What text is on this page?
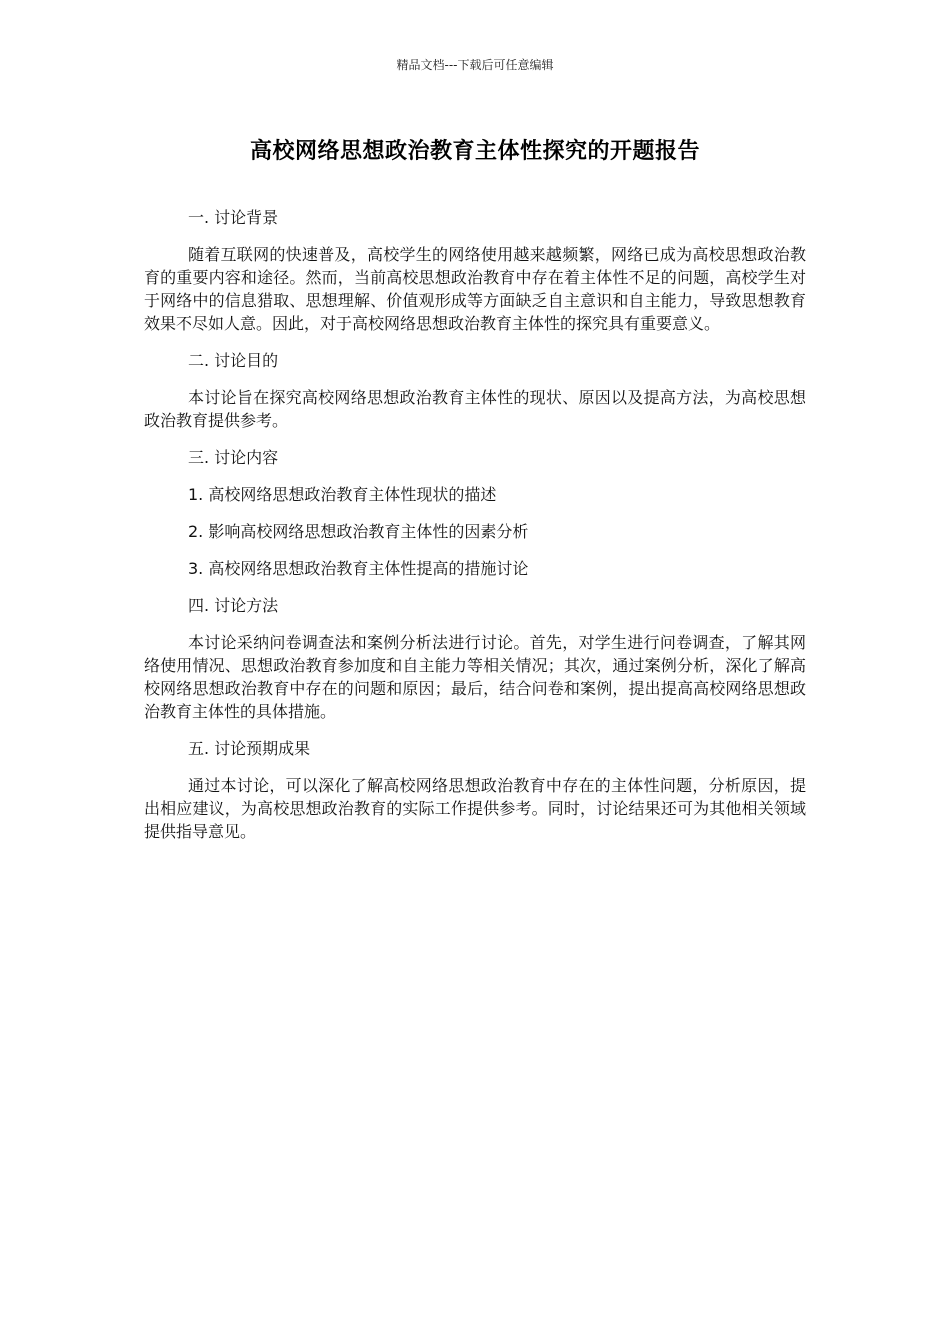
精品文档---下载后可任意编辑
高校网络思想政治教育主体性探究的开题报告

一. 讨论背景

随着互联网的快速普及，高校学生的网络使用越来越频繁，网络已成为高校思想政治教育的重要内容和途径。然而，当前高校思想政治教育中存在着主体性不足的问题，高校学生对于网络中的信息猎取、思想理解、价值观形成等方面缺乏自主意识和自主能力，导致思想教育效果不尽如人意。因此，对于高校网络思想政治教育主体性的探究具有重要意义。

二. 讨论目的

本讨论旨在探究高校网络思想政治教育主体性的现状、原因以及提高方法，为高校思想政治教育提供参考。

三. 讨论内容

1. 高校网络思想政治教育主体性现状的描述

2. 影响高校网络思想政治教育主体性的因素分析

3. 高校网络思想政治教育主体性提高的措施讨论

四. 讨论方法

本讨论采纳问卷调查法和案例分析法进行讨论。首先，对学生进行问卷调查，了解其网络使用情况、思想政治教育参加度和自主能力等相关情况；其次，通过案例分析，深化了解高校网络思想政治教育中存在的问题和原因；最后，结合问卷和案例，提出提高高校网络思想政治教育主体性的具体措施。

五. 讨论预期成果

通过本讨论，可以深化了解高校网络思想政治教育中存在的主体性问题，分析原因，提出相应建议，为高校思想政治教育的实际工作提供参考。同时，讨论结果还可为其他相关领域提供指导意见。
